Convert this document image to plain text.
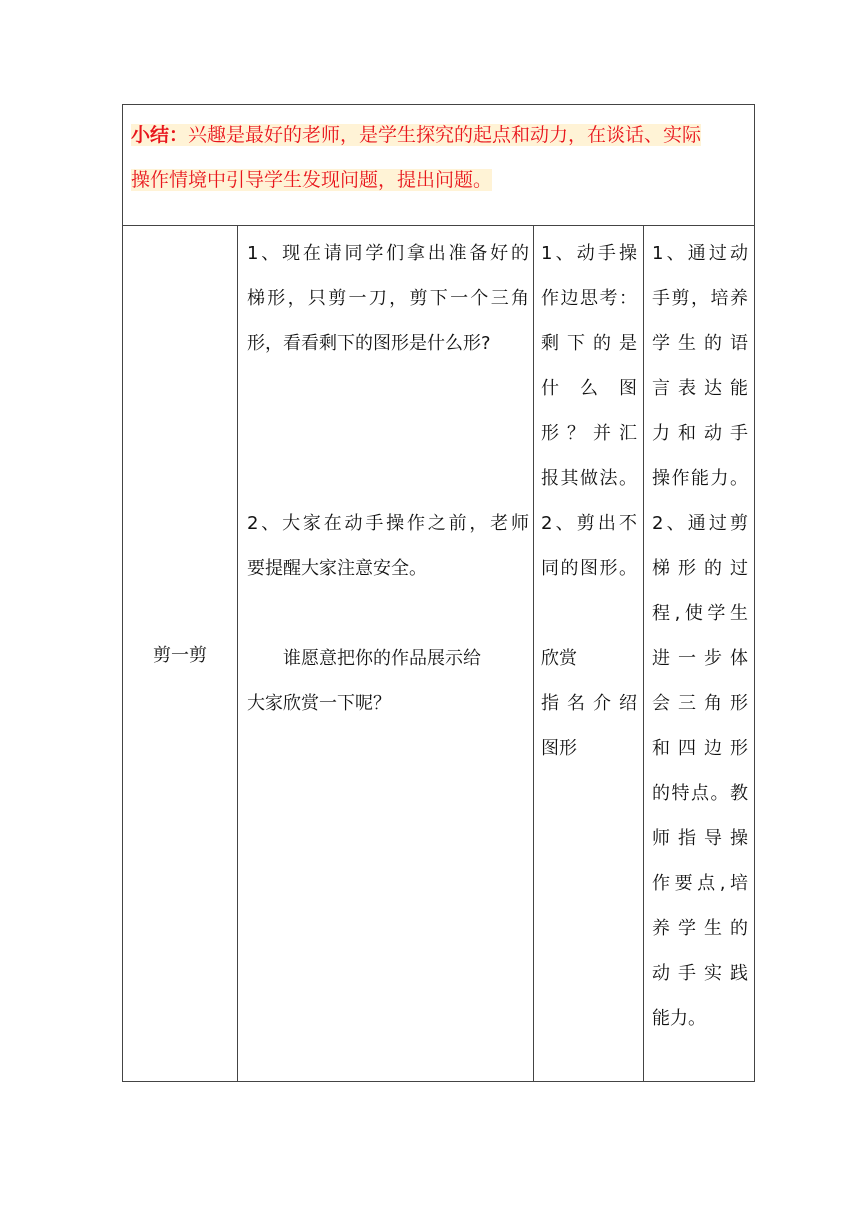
小结：兴趣是最好的老师，是学生探究的起点和动力，在谈话、实际
操作情境中引导学生发现问题，提出问题。
剪一剪

1、现在请同学们拿出准备好的

梯形，只剪一刀，剪下一个三角

形，看看剩下的图形是什么形?

2、大家在动手操作之前，老师

要提醒大家注意安全。

谁愿意把你的作品展示给

大家欣赏一下呢？

1、动手操

作边思考：

剩下的是

什么图

形？并汇

报其做法。

2、剪出不

同的图形。

欣赏

指名介绍

图形

1、通过动

手剪，培养

学生的语

言表达能

力和动手

操作能力。

2、通过剪

梯形的过

程,使学生

进一步体

会三角形

和四边形

的特点。教

师指导操

作要点,培

养学生的

动手实践

能力。
